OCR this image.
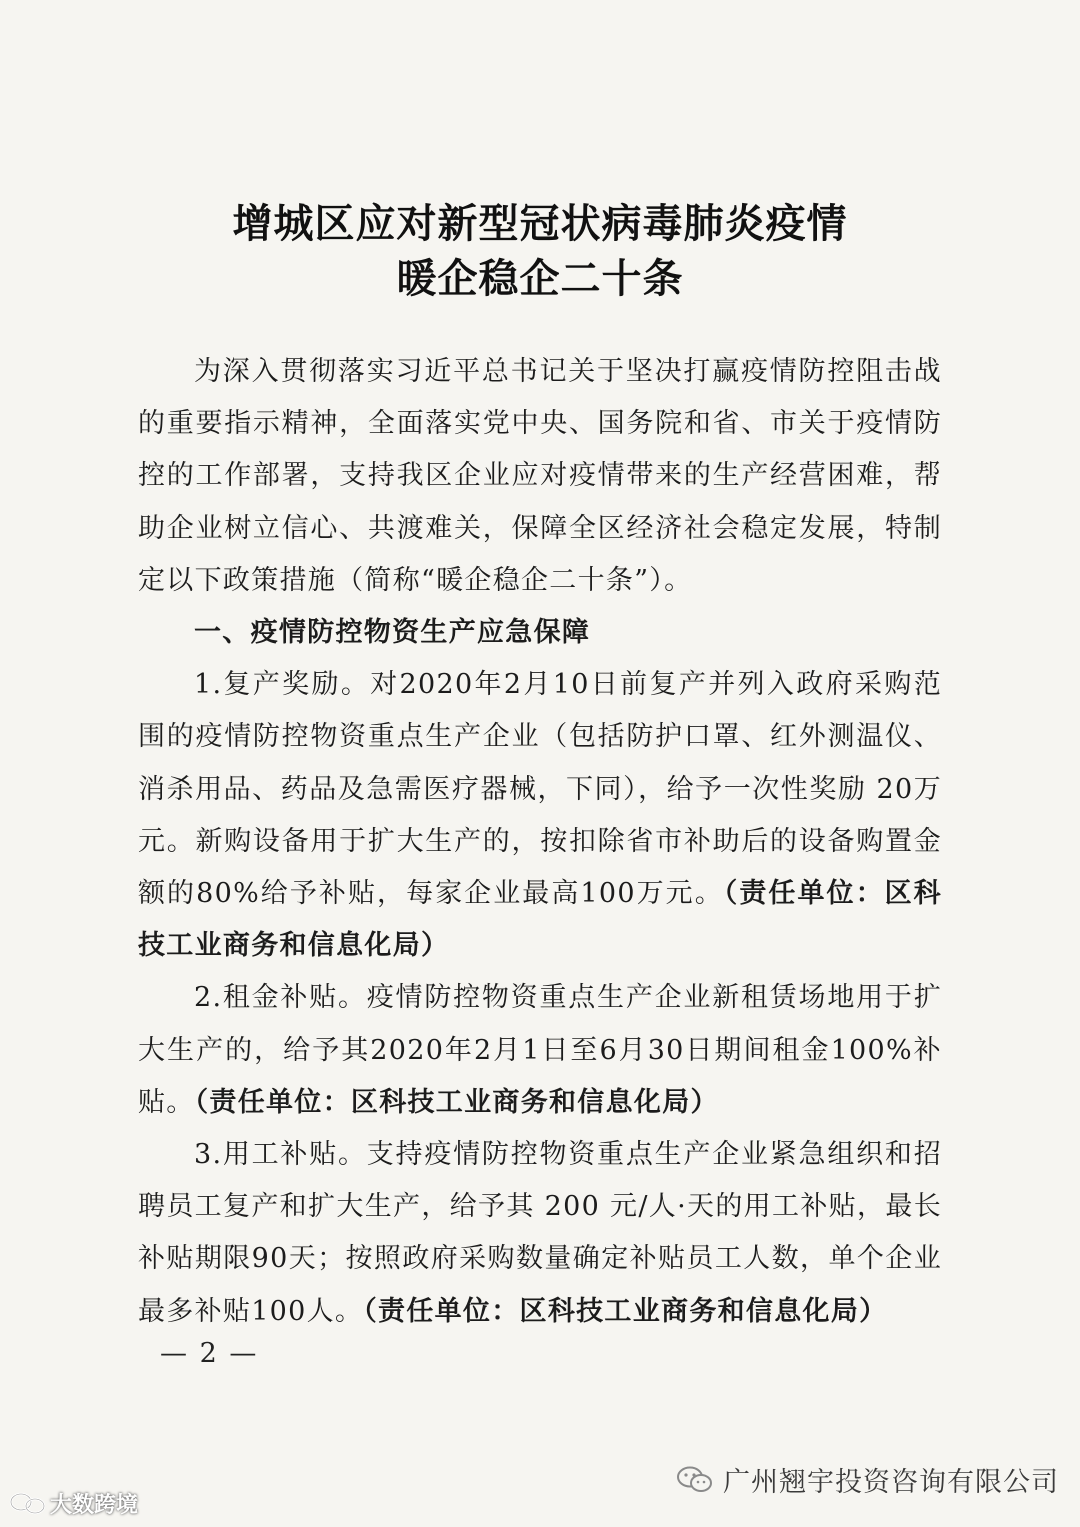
增城区应对新型冠状病毒肺炎疫情
暖企稳企二十条

为深入贯彻落实习近平总书记关于坚决打赢疫情防控阻击战的重要指示精神，全面落实党中央、国务院和省、市关于疫情防控的工作部署，支持我区企业应对疫情带来的生产经营困难，帮助企业树立信心、共渡难关，保障全区经济社会稳定发展，特制定以下政策措施（简称“暖企稳企二十条”）。

一、疫情防控物资生产应急保障

1.复产奖励。对2020年2月10日前复产并列入政府采购范围的疫情防控物资重点生产企业（包括防护口罩、红外测温仪、消杀用品、药品及急需医疗器械，下同），给予一次性奖励 20万元。新购设备用于扩大生产的，按扣除省市补助后的设备购置金额的80%给予补贴，每家企业最高100万元。（责任单位：区科技工业商务和信息化局）

2.租金补贴。疫情防控物资重点生产企业新租赁场地用于扩大生产的，给予其2020年2月1日至6月30日期间租金100%补贴。（责任单位：区科技工业商务和信息化局）

3.用工补贴。支持疫情防控物资重点生产企业紧急组织和招聘员工复产和扩大生产，给予其 200 元/人·天的用工补贴，最长补贴期限90天；按照政府采购数量确定补贴员工人数，单个企业最多补贴100人。（责任单位：区科技工业商务和信息化局）

— 2 —
广州翘宇投资咨询有限公司
大数跨境
